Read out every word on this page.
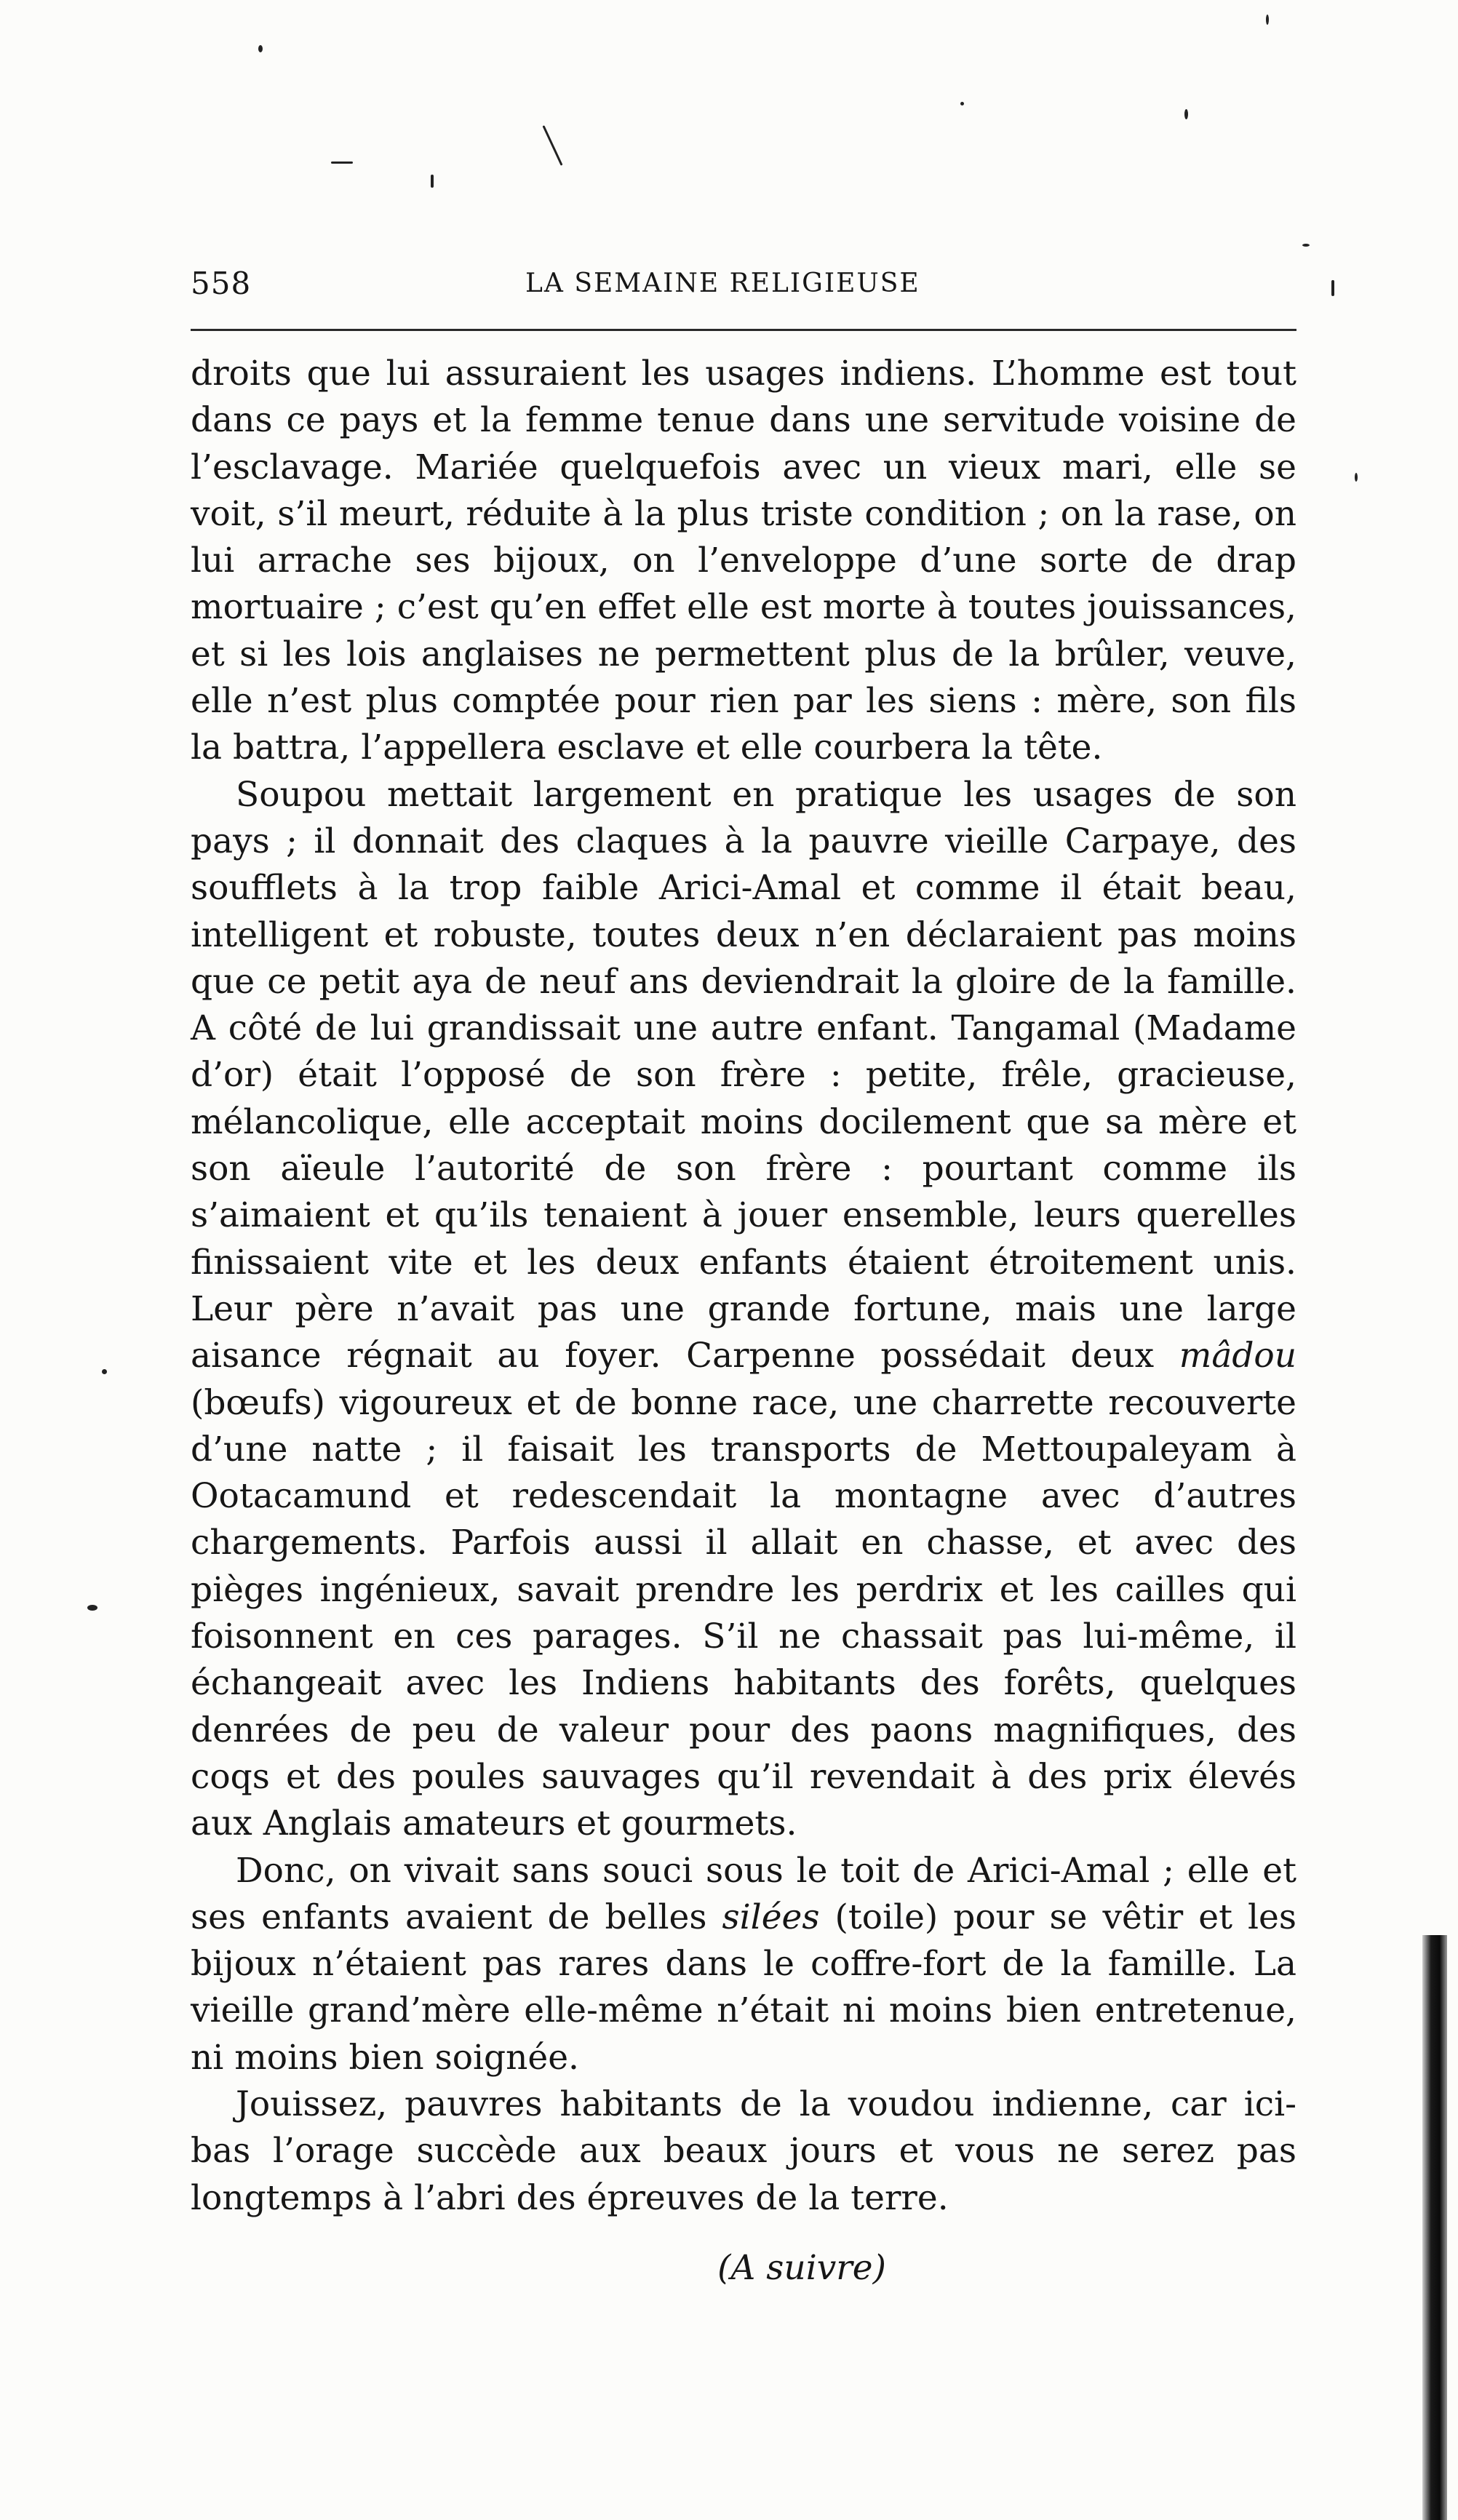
558	LA SEMAINE RELIGIEUSE

droits que lui assuraient les usages indiens. L’homme est tout dans ce pays et la femme tenue dans une servitude voisine de l’esclavage. Mariée quelquefois avec un vieux mari, elle se voit, s’il meurt, réduite à la plus triste condition ; on la rase, on lui arrache ses bijoux, on l’enveloppe d’une sorte de drap mortuaire ; c’est qu’en effet elle est morte à toutes jouissances, et si les lois anglaises ne permettent plus de la brûler, veuve, elle n’est plus comptée pour rien par les siens : mère, son fils la battra, l’appellera esclave et elle courbera la tête.

Soupou mettait largement en pratique les usages de son pays ; il donnait des claques à la pauvre vieille Carpaye, des soufflets à la trop faible Arici-Amal et comme il était beau, intelligent et robuste, toutes deux n’en déclaraient pas moins que ce petit aya de neuf ans deviendrait la gloire de la famille. A côté de lui grandissait une autre enfant. Tangamal (Madame d’or) était l’opposé de son frère : petite, frêle, gracieuse, mélancolique, elle acceptait moins docilement que sa mère et son aïeule l’autorité de son frère : pourtant comme ils s’aimaient et qu’ils tenaient à jouer ensemble, leurs querelles finissaient vite et les deux enfants étaient étroitement unis. Leur père n’avait pas une grande fortune, mais une large aisance régnait au foyer. Carpenne possédait deux mâdou (bœufs) vigoureux et de bonne race, une charrette recouverte d’une natte ; il faisait les transports de Mettoupaleyam à Ootacamund et redescendait la montagne avec d’autres chargements. Parfois aussi il allait en chasse, et avec des pièges ingénieux, savait prendre les perdrix et les cailles qui foisonnent en ces parages. S’il ne chassait pas lui-même, il échangeait avec les Indiens habitants des forêts, quelques denrées de peu de valeur pour des paons magnifiques, des coqs et des poules sauvages qu’il revendait à des prix élevés aux Anglais amateurs et gourmets.

Donc, on vivait sans souci sous le toit de Arici-Amal ; elle et ses enfants avaient de belles silées (toile) pour se vêtir et les bijoux n’étaient pas rares dans le coffre-fort de la famille. La vieille grand’mère elle-même n’était ni moins bien entretenue, ni moins bien soignée.

Jouissez, pauvres habitants de la voudou indienne, car ici-bas l’orage succède aux beaux jours et vous ne serez pas longtemps à l’abri des épreuves de la terre.

(A suivre)
